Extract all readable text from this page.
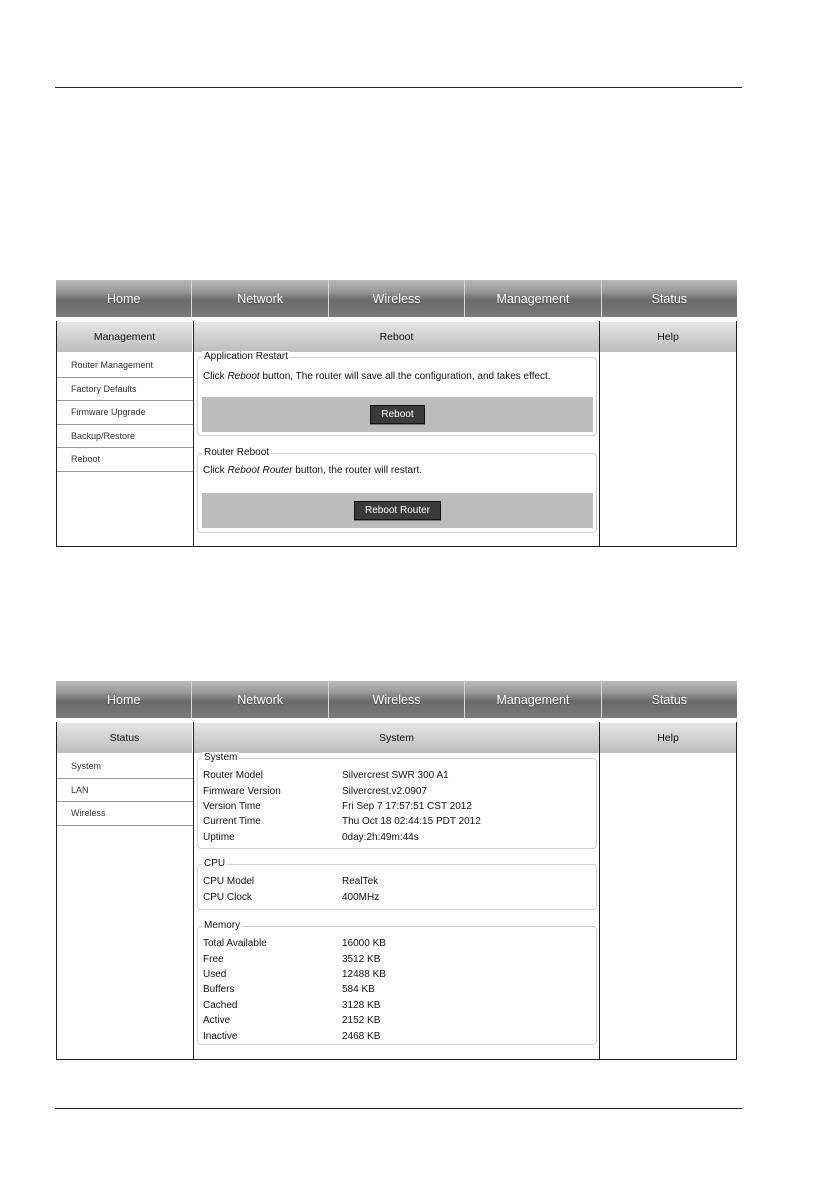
Home	Network	Wireless	Management	Status
Management
Router Management
Factory Defaults
Firmware Upgrade
Backup/Restore
Reboot
Reboot
Application Restart
Click Reboot button, The router will save all the configuration, and takes effect.
Reboot
Router Reboot
Click Reboot Router button, the router will restart.
Reboot Router
Help
Home	Network	Wireless	Management	Status
Status
System
LAN
Wireless
System
System
Router Model	Silvercrest SWR 300 A1
Firmware Version	Silvercrest.v2.0907
Version Time	Fri Sep 7 17:57:51 CST 2012
Current Time	Thu Oct 18 02:44:15 PDT 2012
Uptime	0day:2h:49m:44s
CPU
CPU Model	RealTek
CPU Clock	400MHz
Memory
Total Available	16000 KB
Free	3512 KB
Used	12488 KB
Buffers	584 KB
Cached	3128 KB
Active	2152 KB
Inactive	2468 KB
Help
